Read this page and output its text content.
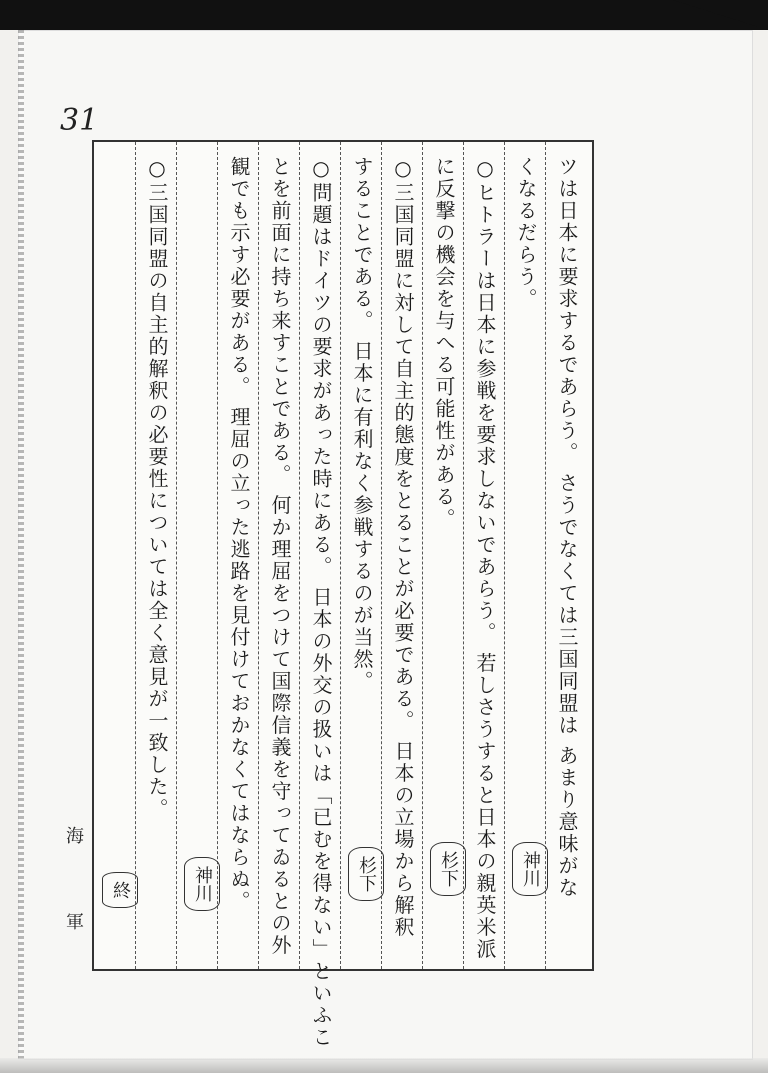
31
海
軍
ツは日本に要求するであらう。 さうでなくては三国同盟は あまり意味がな
くなるだらう。
○ヒトラーは日本に参戦を要求しないであらう。 若しさうすると日本の親英米派
に反撃の機会を与へる可能性がある。
○三国同盟に対して自主的態度をとることが必要である。 日本の立場から解釈
することである。 日本に有利なく参戦するのが当然。
○問題はドイツの要求があった時にある。 日本の外交の扱いは「已むを得ない」といふこ
とを前面に持ち来すことである。 何か理屈をつけて国際信義を守ってゐるとの外
観でも示す必要がある。 理屈の立った逃路を見付けておかなくてはならぬ。
○三国同盟の自主的解釈の必要性については全く意見が一致した。
神川
杉下
杉下
神川
終
